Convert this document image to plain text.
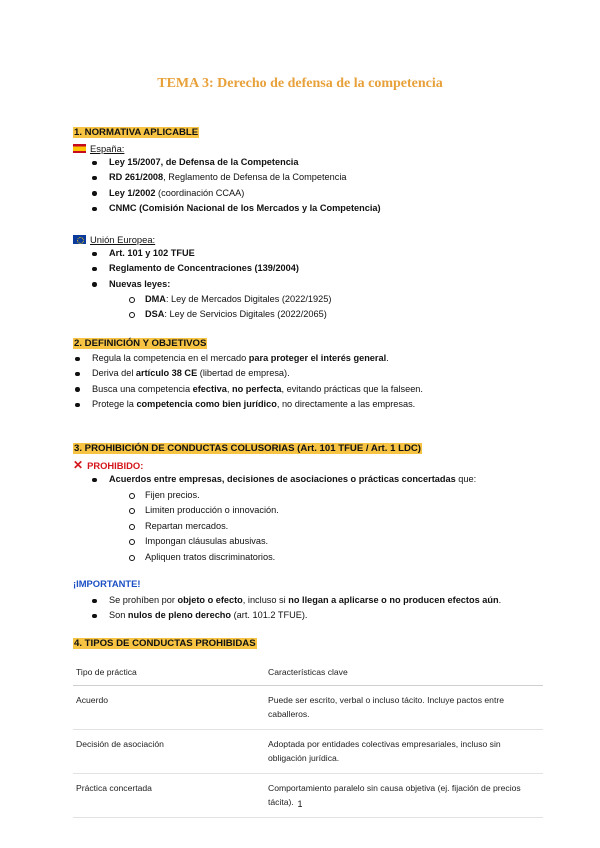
TEMA 3: Derecho de defensa de la competencia
1. NORMATIVA APLICABLE
España:
Ley 15/2007, de Defensa de la Competencia
RD 261/2008, Reglamento de Defensa de la Competencia
Ley 1/2002 (coordinación CCAA)
CNMC (Comisión Nacional de los Mercados y la Competencia)
Unión Europea:
Art. 101 y 102 TFUE
Reglamento de Concentraciones (139/2004)
Nuevas leyes:
DMA: Ley de Mercados Digitales (2022/1925)
DSA: Ley de Servicios Digitales (2022/2065)
2. DEFINICIÓN Y OBJETIVOS
Regula la competencia en el mercado para proteger el interés general.
Deriva del artículo 38 CE (libertad de empresa).
Busca una competencia efectiva, no perfecta, evitando prácticas que la falseen.
Protege la competencia como bien jurídico, no directamente a las empresas.
3. PROHIBICIÓN DE CONDUCTAS COLUSORIAS (Art. 101 TFUE / Art. 1 LDC)
✕ PROHIBIDO:
Acuerdos entre empresas, decisiones de asociaciones o prácticas concertadas que:
Fijen precios.
Limiten producción o innovación.
Repartan mercados.
Impongan cláusulas abusivas.
Apliquen tratos discriminatorios.
¡IMPORTANTE!
Se prohíben por objeto o efecto, incluso si no llegan a aplicarse o no producen efectos aún.
Son nulos de pleno derecho (art. 101.2 TFUE).
4. TIPOS DE CONDUCTAS PROHIBIDAS
Tipo de práctica	Características clave
Acuerdo	Puede ser escrito, verbal o incluso tácito. Incluye pactos entre caballeros.
Decisión de asociación	Adoptada por entidades colectivas empresariales, incluso sin obligación jurídica.
Práctica concertada	Comportamiento paralelo sin causa objetiva (ej. fijación de precios tácita). 1
